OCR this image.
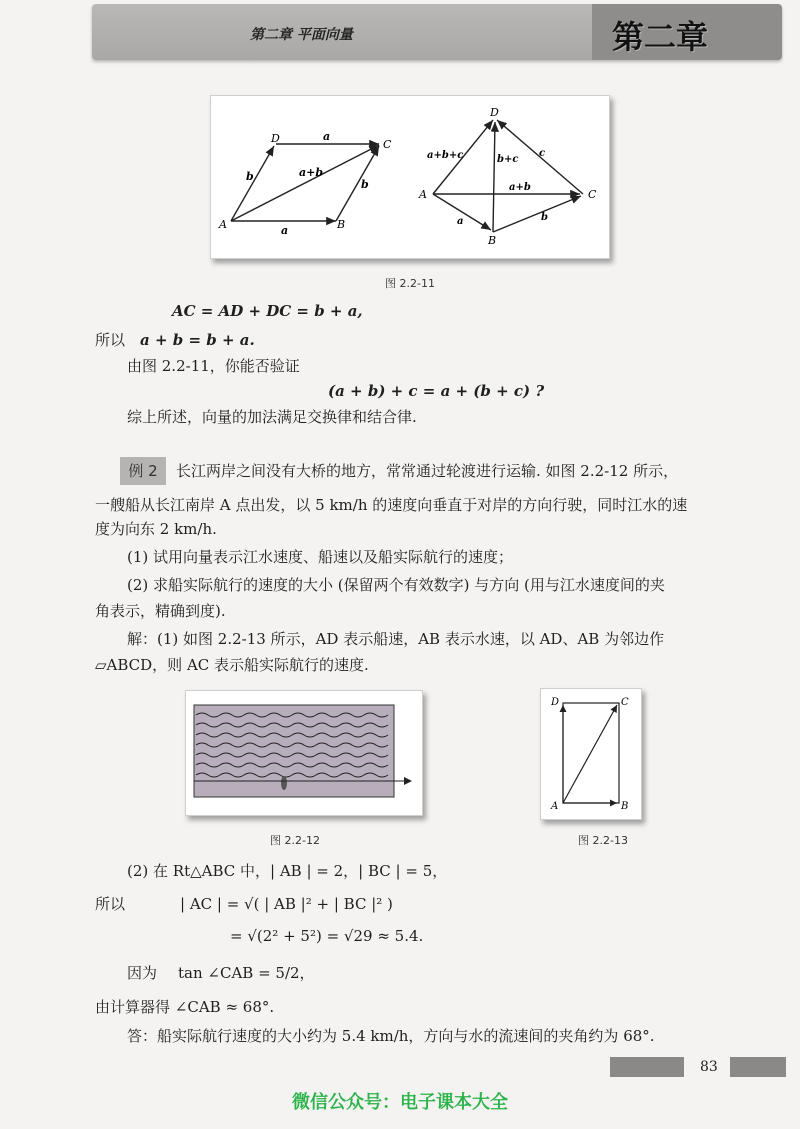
第二章 平面向量	第二章
A	B
C
D	a
a
b
b
a+b
A
B
C
D
a+b+c	b+c
a+b
a	b
c
图 2.2-11
AC = AD + DC = b + a,
所以 a + b = b + a.
由图 2.2-11，你能否验证
(a + b) + c = a + (b + c) ?
综上所述，向量的加法满足交换律和结合律.
例 2	长江两岸之间没有大桥的地方，常常通过轮渡进行运输. 如图 2.2-12 所示，
一艘船从长江南岸 A 点出发，以 5 km/h 的速度向垂直于对岸的方向行驶，同时江水的速
度为向东 2 km/h.
(1) 试用向量表示江水速度、船速以及船实际航行的速度；
(2) 求船实际航行的速度的大小 (保留两个有效数字) 与方向 (用与江水速度间的夹
角表示，精确到度).
解：(1) 如图 2.2-13 所示，AD 表示船速，AB 表示水速，以 AD、AB 为邻边作
▱ABCD，则 AC 表示船实际航行的速度.
图 2.2-12
A	B
C
D
图 2.2-13
(2) 在 Rt△ABC 中，| AB | = 2，| BC | = 5，
所以	| AC | = √( | AB |² + | BC |² )
= √(2² + 5²) = √29 ≈ 5.4.
因为 tan ∠CAB = 5/2，
由计算器得 ∠CAB ≈ 68°.
答：船实际航行速度的大小约为 5.4 km/h，方向与水的流速间的夹角约为 68°.
83
微信公众号：电子课本大全
